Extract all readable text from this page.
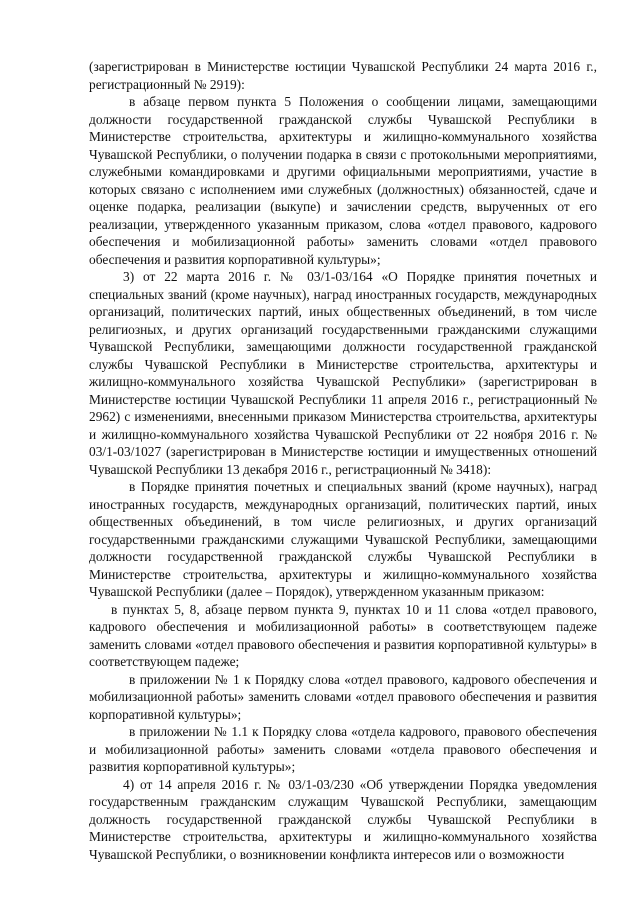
(зарегистрирован в Министерстве юстиции Чувашской Республики 24 марта 2016 г., регистрационный № 2919):

в абзаце первом пункта 5 Положения о сообщении лицами, замещающими должности государственной гражданской службы Чувашской Республики в Министерстве строительства, архитектуры и жилищно-коммунального хозяйства Чувашской Республики, о получении подарка в связи с протокольными мероприятиями, служебными командировками и другими официальными мероприятиями, участие в которых связано с исполнением ими служебных (должностных) обязанностей, сдаче и оценке подарка, реализации (выкупе) и зачислении средств, вырученных от его реализации, утвержденного указанным приказом, слова «отдел правового, кадрового обеспечения и мобилизационной работы» заменить словами «отдел правового обеспечения и развития корпоративной культуры»;

3) от 22 марта 2016 г. № 03/1-03/164 «О Порядке принятия почетных и специальных званий (кроме научных), наград иностранных государств, международных организаций, политических партий, иных общественных объединений, в том числе религиозных, и других организаций государственными гражданскими служащими Чувашской Республики, замещающими должности государственной гражданской службы Чувашской Республики в Министерстве строительства, архитектуры и жилищно-коммунального хозяйства Чувашской Республики» (зарегистрирован в Министерстве юстиции Чувашской Республики 11 апреля 2016 г., регистрационный № 2962) с изменениями, внесенными приказом Министерства строительства, архитектуры и жилищно-коммунального хозяйства Чувашской Республики от 22 ноября 2016 г. № 03/1-03/1027 (зарегистрирован в Министерстве юстиции и имущественных отношений Чувашской Республики 13 декабря 2016 г., регистрационный № 3418):

в Порядке принятия почетных и специальных званий (кроме научных), наград иностранных государств, международных организаций, политических партий, иных общественных объединений, в том числе религиозных, и других организаций государственными гражданскими служащими Чувашской Республики, замещающими должности государственной гражданской службы Чувашской Республики в Министерстве строительства, архитектуры и жилищно-коммунального хозяйства Чувашской Республики (далее – Порядок), утвержденном указанным приказом:

в пунктах 5, 8, абзаце первом пункта 9, пунктах 10 и 11 слова «отдел правового, кадрового обеспечения и мобилизационной работы» в соответствующем падеже заменить словами «отдел правового обеспечения и развития корпоративной культуры» в соответствующем падеже;

в приложении № 1 к Порядку слова «отдел правового, кадрового обеспечения и мобилизационной работы» заменить словами «отдел правового обеспечения и развития корпоративной культуры»;

в приложении № 1.1 к Порядку слова «отдела кадрового, правового обеспечения и мобилизационной работы» заменить словами «отдела правового обеспечения и развития корпоративной культуры»;

4) от 14 апреля 2016 г. № 03/1-03/230 «Об утверждении Порядка уведомления государственным гражданским служащим Чувашской Республики, замещающим должность государственной гражданской службы Чувашской Республики в Министерстве строительства, архитектуры и жилищно-коммунального хозяйства Чувашской Республики, о возникновении конфликта интересов или о возможности
